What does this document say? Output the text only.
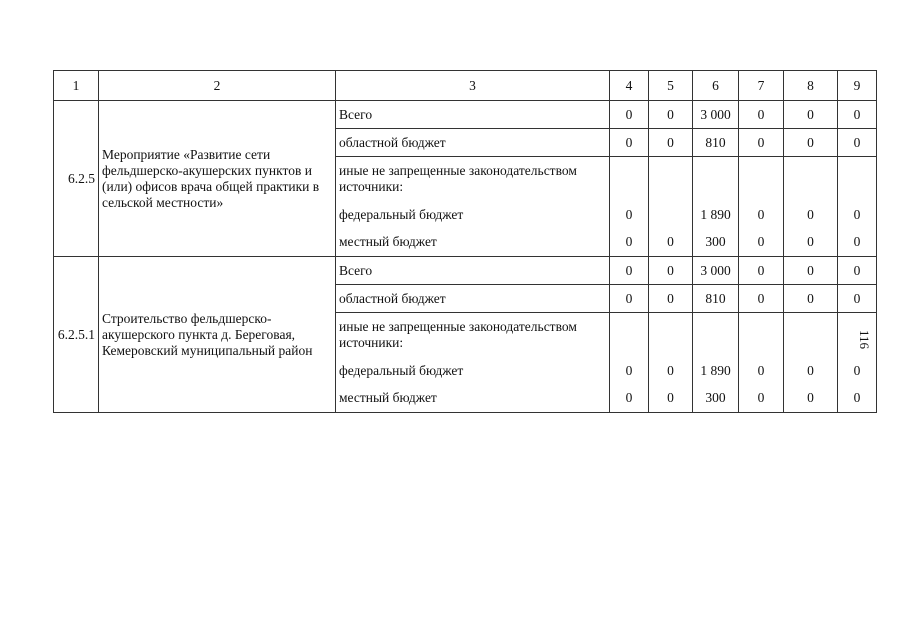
1	2	3	4	5	6	7	8	9
6.2.5	Мероприятие «Развитие сети фельдшерско-акушерских пунктов и (или) офисов врача общей практики в сельской местности»	Всего	0	0	3 000	0	0	0
		областной бюджет	0	0	810	0	0	0
		иные не запрещенные законодательством источники:						
		федеральный бюджет	0		1 890	0	0	0
		местный бюджет	0	0	300	0	0	0
6.2.5.1	Строительство фельдшерско-акушерского пункта д. Береговая, Кемеровский муниципальный район	Всего	0	0	3 000	0	0	0
		областной бюджет	0	0	810	0	0	0
		иные не запрещенные законодательством источники:						
		федеральный бюджет	0	0	1 890	0	0	0
		местный бюджет	0	0	300	0	0	0
116
